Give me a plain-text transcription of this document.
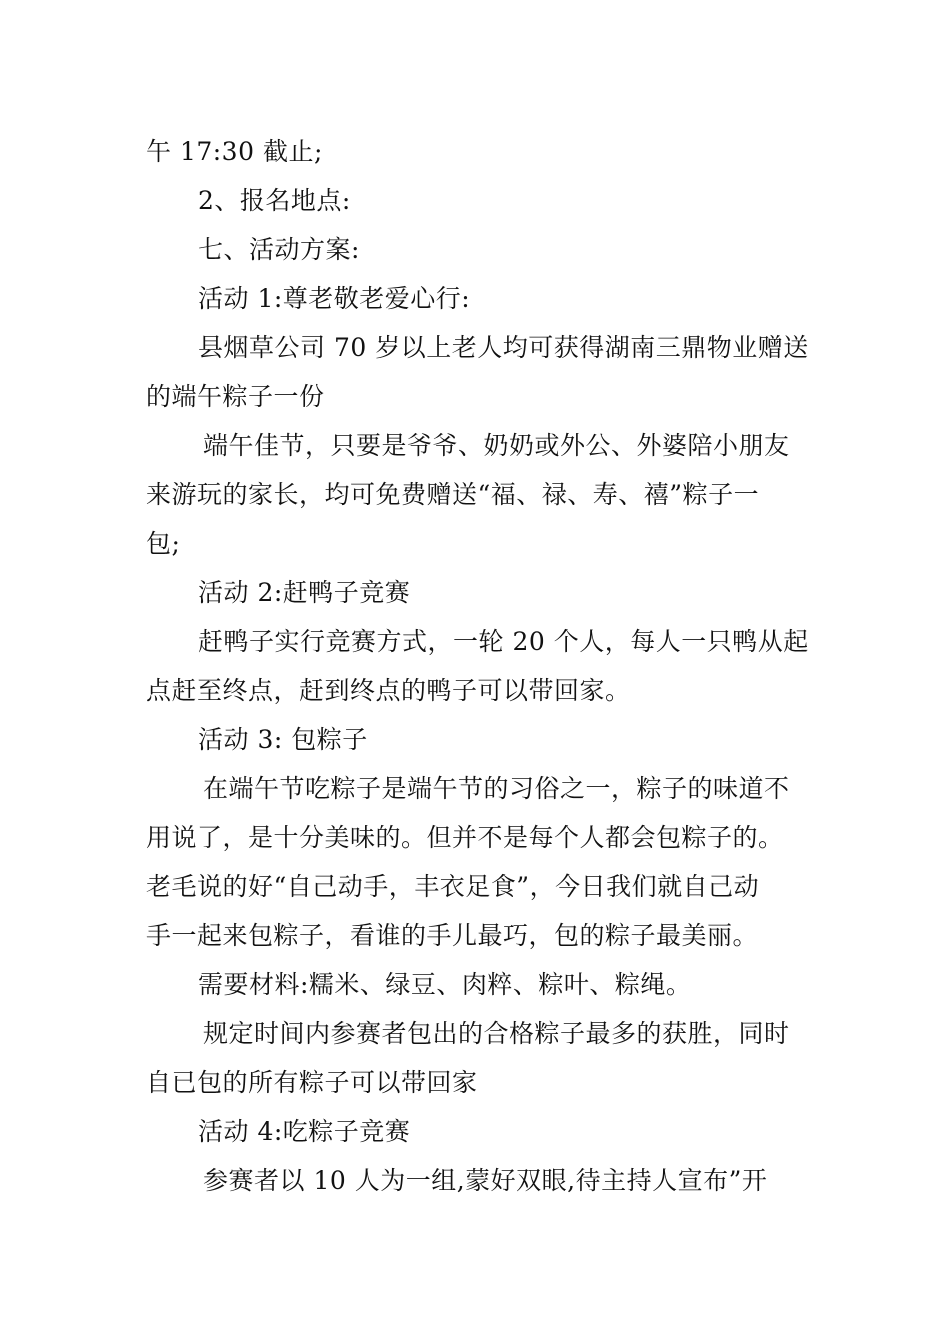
午 17:30 截止;
2、报名地点:
七、活动方案:
活动 1:尊老敬老爱心行:
县烟草公司 70 岁以上老人均可获得湖南三鼎物业赠送
的端午粽子一份
端午佳节，只要是爷爷、奶奶或外公、外婆陪小朋友
来游玩的家长，均可免费赠送“福、禄、寿、禧”粽子一
包;
活动 2:赶鸭子竞赛
赶鸭子实行竞赛方式，一轮 20 个人，每人一只鸭从起
点赶至终点，赶到终点的鸭子可以带回家。
活动 3: 包粽子
在端午节吃粽子是端午节的习俗之一，粽子的味道不
用说了，是十分美味的。但并不是每个人都会包粽子的。
老毛说的好“自己动手，丰衣足食”，今日我们就自己动
手一起来包粽子，看谁的手儿最巧，包的粽子最美丽。
需要材料:糯米、绿豆、肉粹、粽叶、粽绳。
规定时间内参赛者包出的合格粽子最多的获胜，同时
自已包的所有粽子可以带回家
活动 4:吃粽子竞赛
参赛者以 10 人为一组,蒙好双眼,待主持人宣布”开
